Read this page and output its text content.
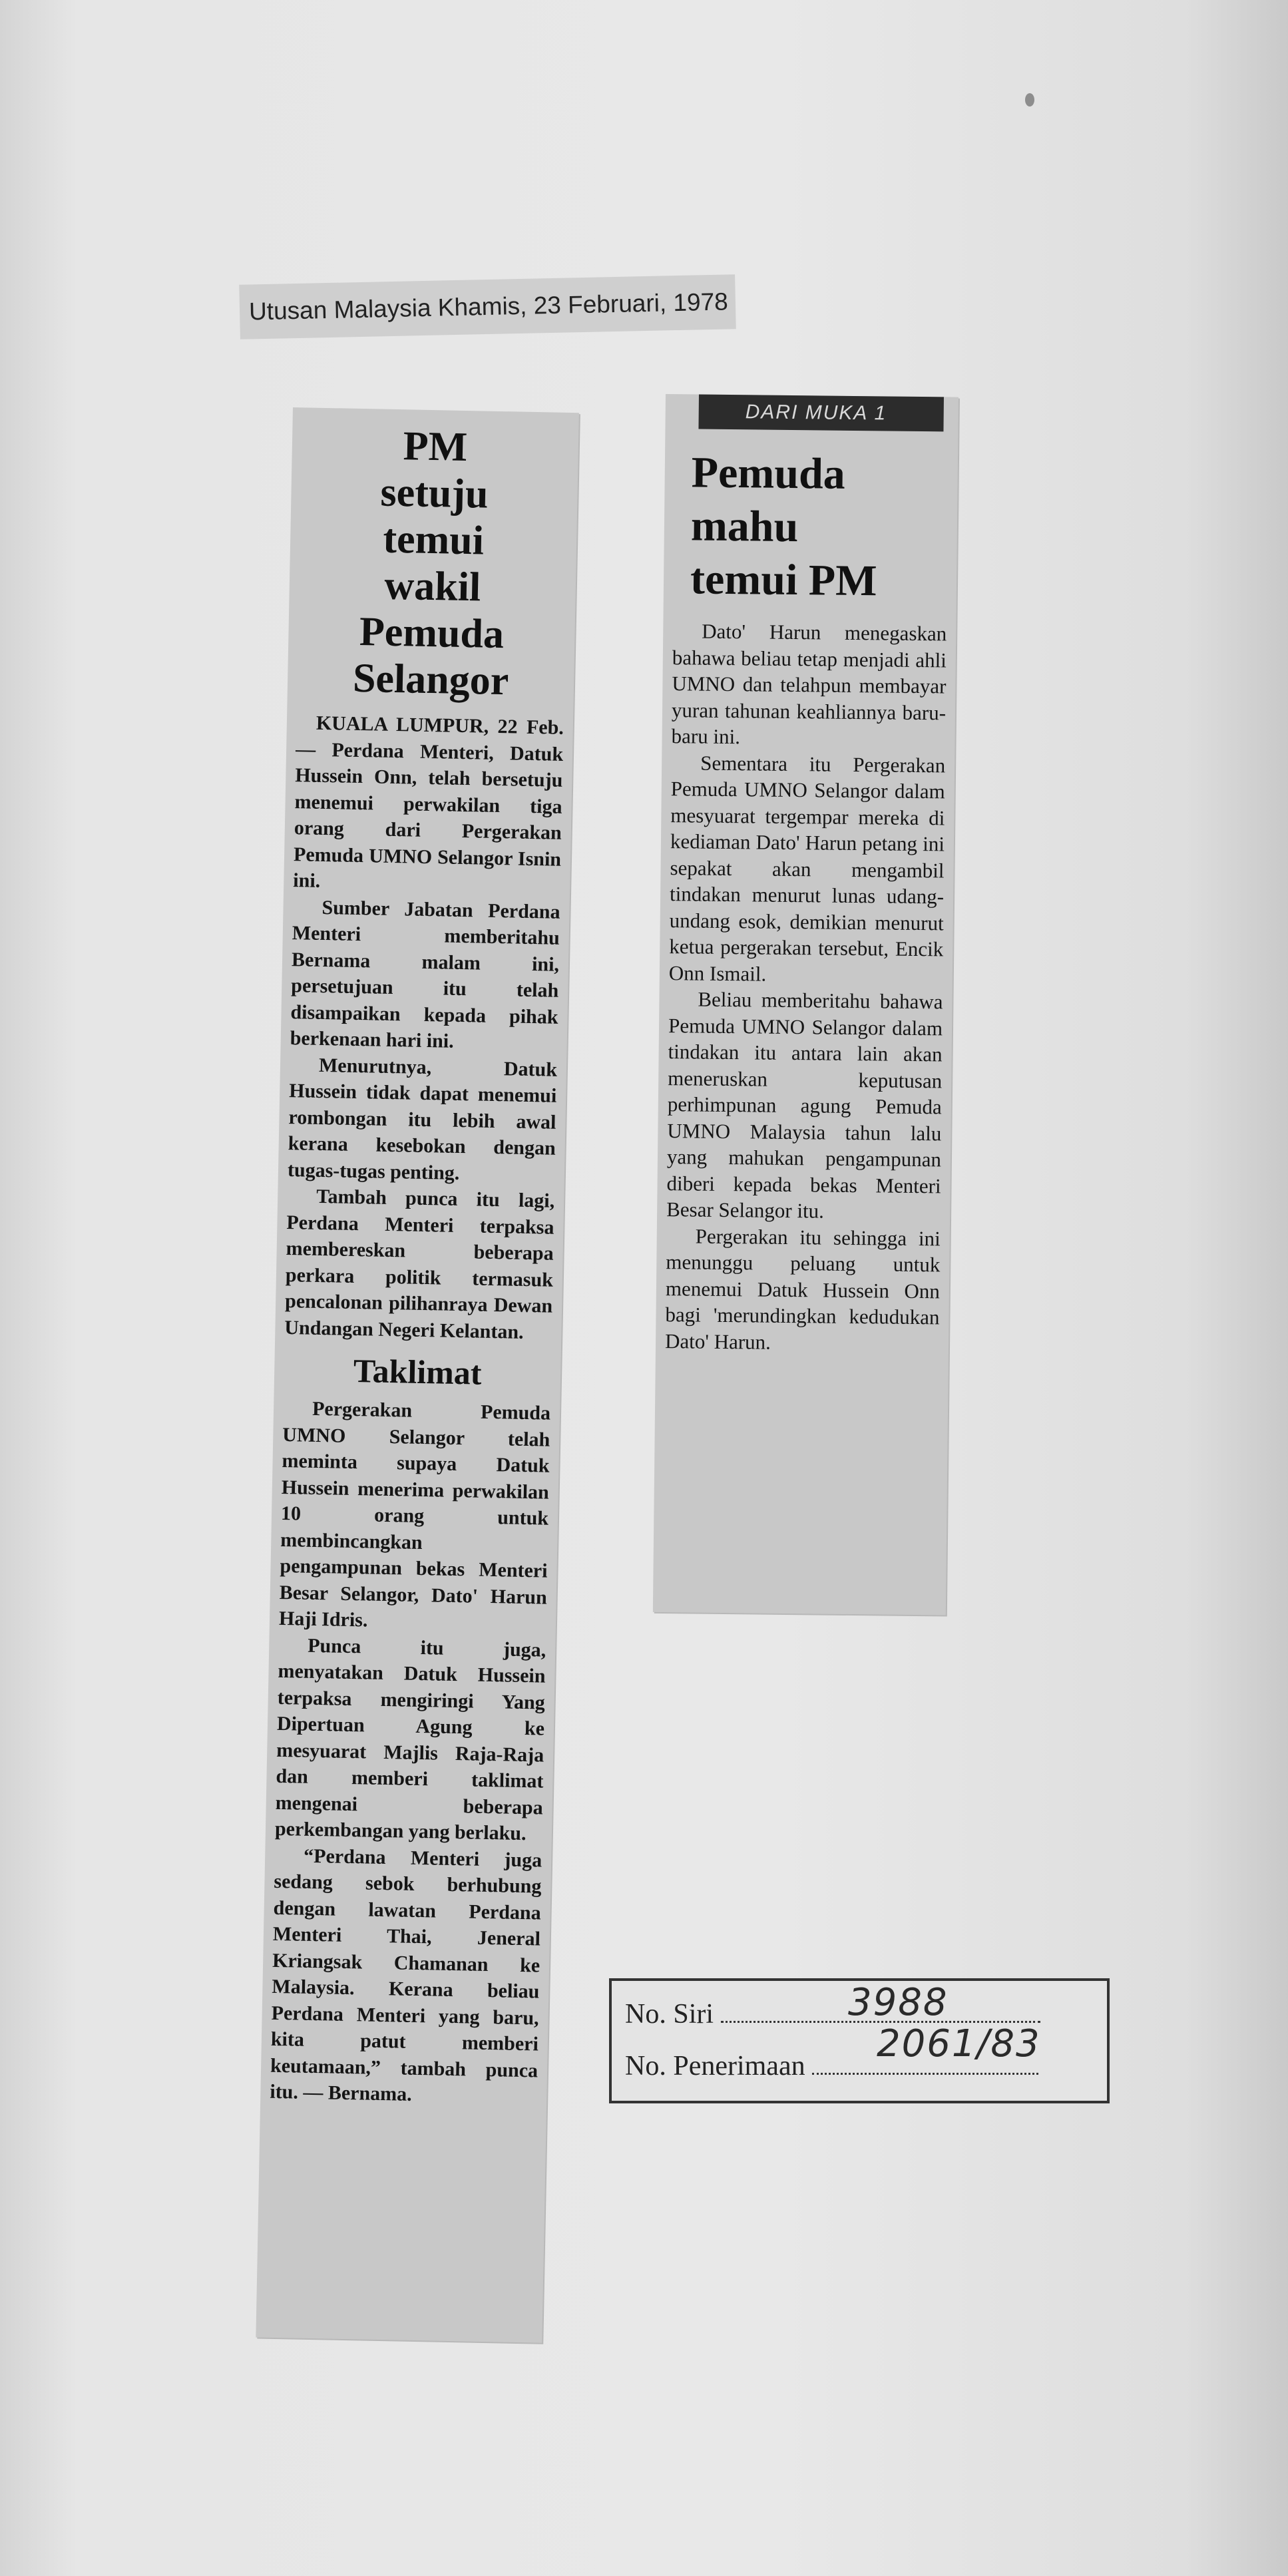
Utusan Malaysia Khamis, 23 Februari, 1978
PM
setuju
temui
wakil
Pemuda
Selangor

KUALA LUMPUR, 22 Feb. — Perdana Menteri, Datuk Hussein Onn, telah bersetuju menemui perwakilan tiga orang dari Pergerakan Pemuda UMNO Selangor Isnin ini.

Sumber Jabatan Perdana Menteri memberitahu Bernama malam ini, persetujuan itu telah disampaikan kepada pihak berkenaan hari ini.

Menurutnya, Datuk Hussein tidak dapat menemui rombongan itu lebih awal kerana kesebokan dengan tugas-tugas penting.

Tambah punca itu lagi, Perdana Menteri terpaksa membereskan beberapa perkara politik termasuk pencalonan pilihanraya Dewan Undangan Negeri Kelantan.

Taklimat

Pergerakan Pemuda UMNO Selangor telah meminta supaya Datuk Hussein menerima perwakilan 10 orang untuk membincangkan pengampunan bekas Menteri Besar Selangor, Dato' Harun Haji Idris.

Punca itu juga, menyatakan Datuk Hussein terpaksa mengiringi Yang Dipertuan Agung ke mesyuarat Majlis Raja-Raja dan memberi taklimat mengenai beberapa perkembangan yang berlaku.

“Perdana Menteri juga sedang sebok berhubung dengan lawatan Perdana Menteri Thai, Jeneral Kriangsak Chamanan ke Malaysia. Kerana beliau Perdana Menteri yang baru, kita patut memberi keutamaan,” tambah punca itu. — Bernama.

DARI MUKA 1
Pemuda
mahu
temui PM

Dato' Harun menegaskan bahawa beliau tetap menjadi ahli UMNO dan telahpun membayar yuran tahunan keahliannya baru-baru ini.

Sementara itu Pergerakan Pemuda UMNO Selangor dalam mesyuarat tergempar mereka di kediaman Dato' Harun petang ini sepakat akan mengambil tindakan menurut lunas udang-undang esok, demikian menurut ketua pergerakan tersebut, Encik Onn Ismail.

Beliau memberitahu bahawa Pemuda UMNO Selangor dalam tindakan itu antara lain akan meneruskan keputusan perhimpunan agung Pemuda UMNO Malaysia tahun lalu yang mahukan pengampunan diberi kepada bekas Menteri Besar Selangor itu.

Pergerakan itu sehingga ini menunggu peluang untuk menemui Datuk Hussein Onn bagi 'merundingkan kedudukan Dato' Harun.

No. Siri
No. Penerimaan
3988
2061/83
